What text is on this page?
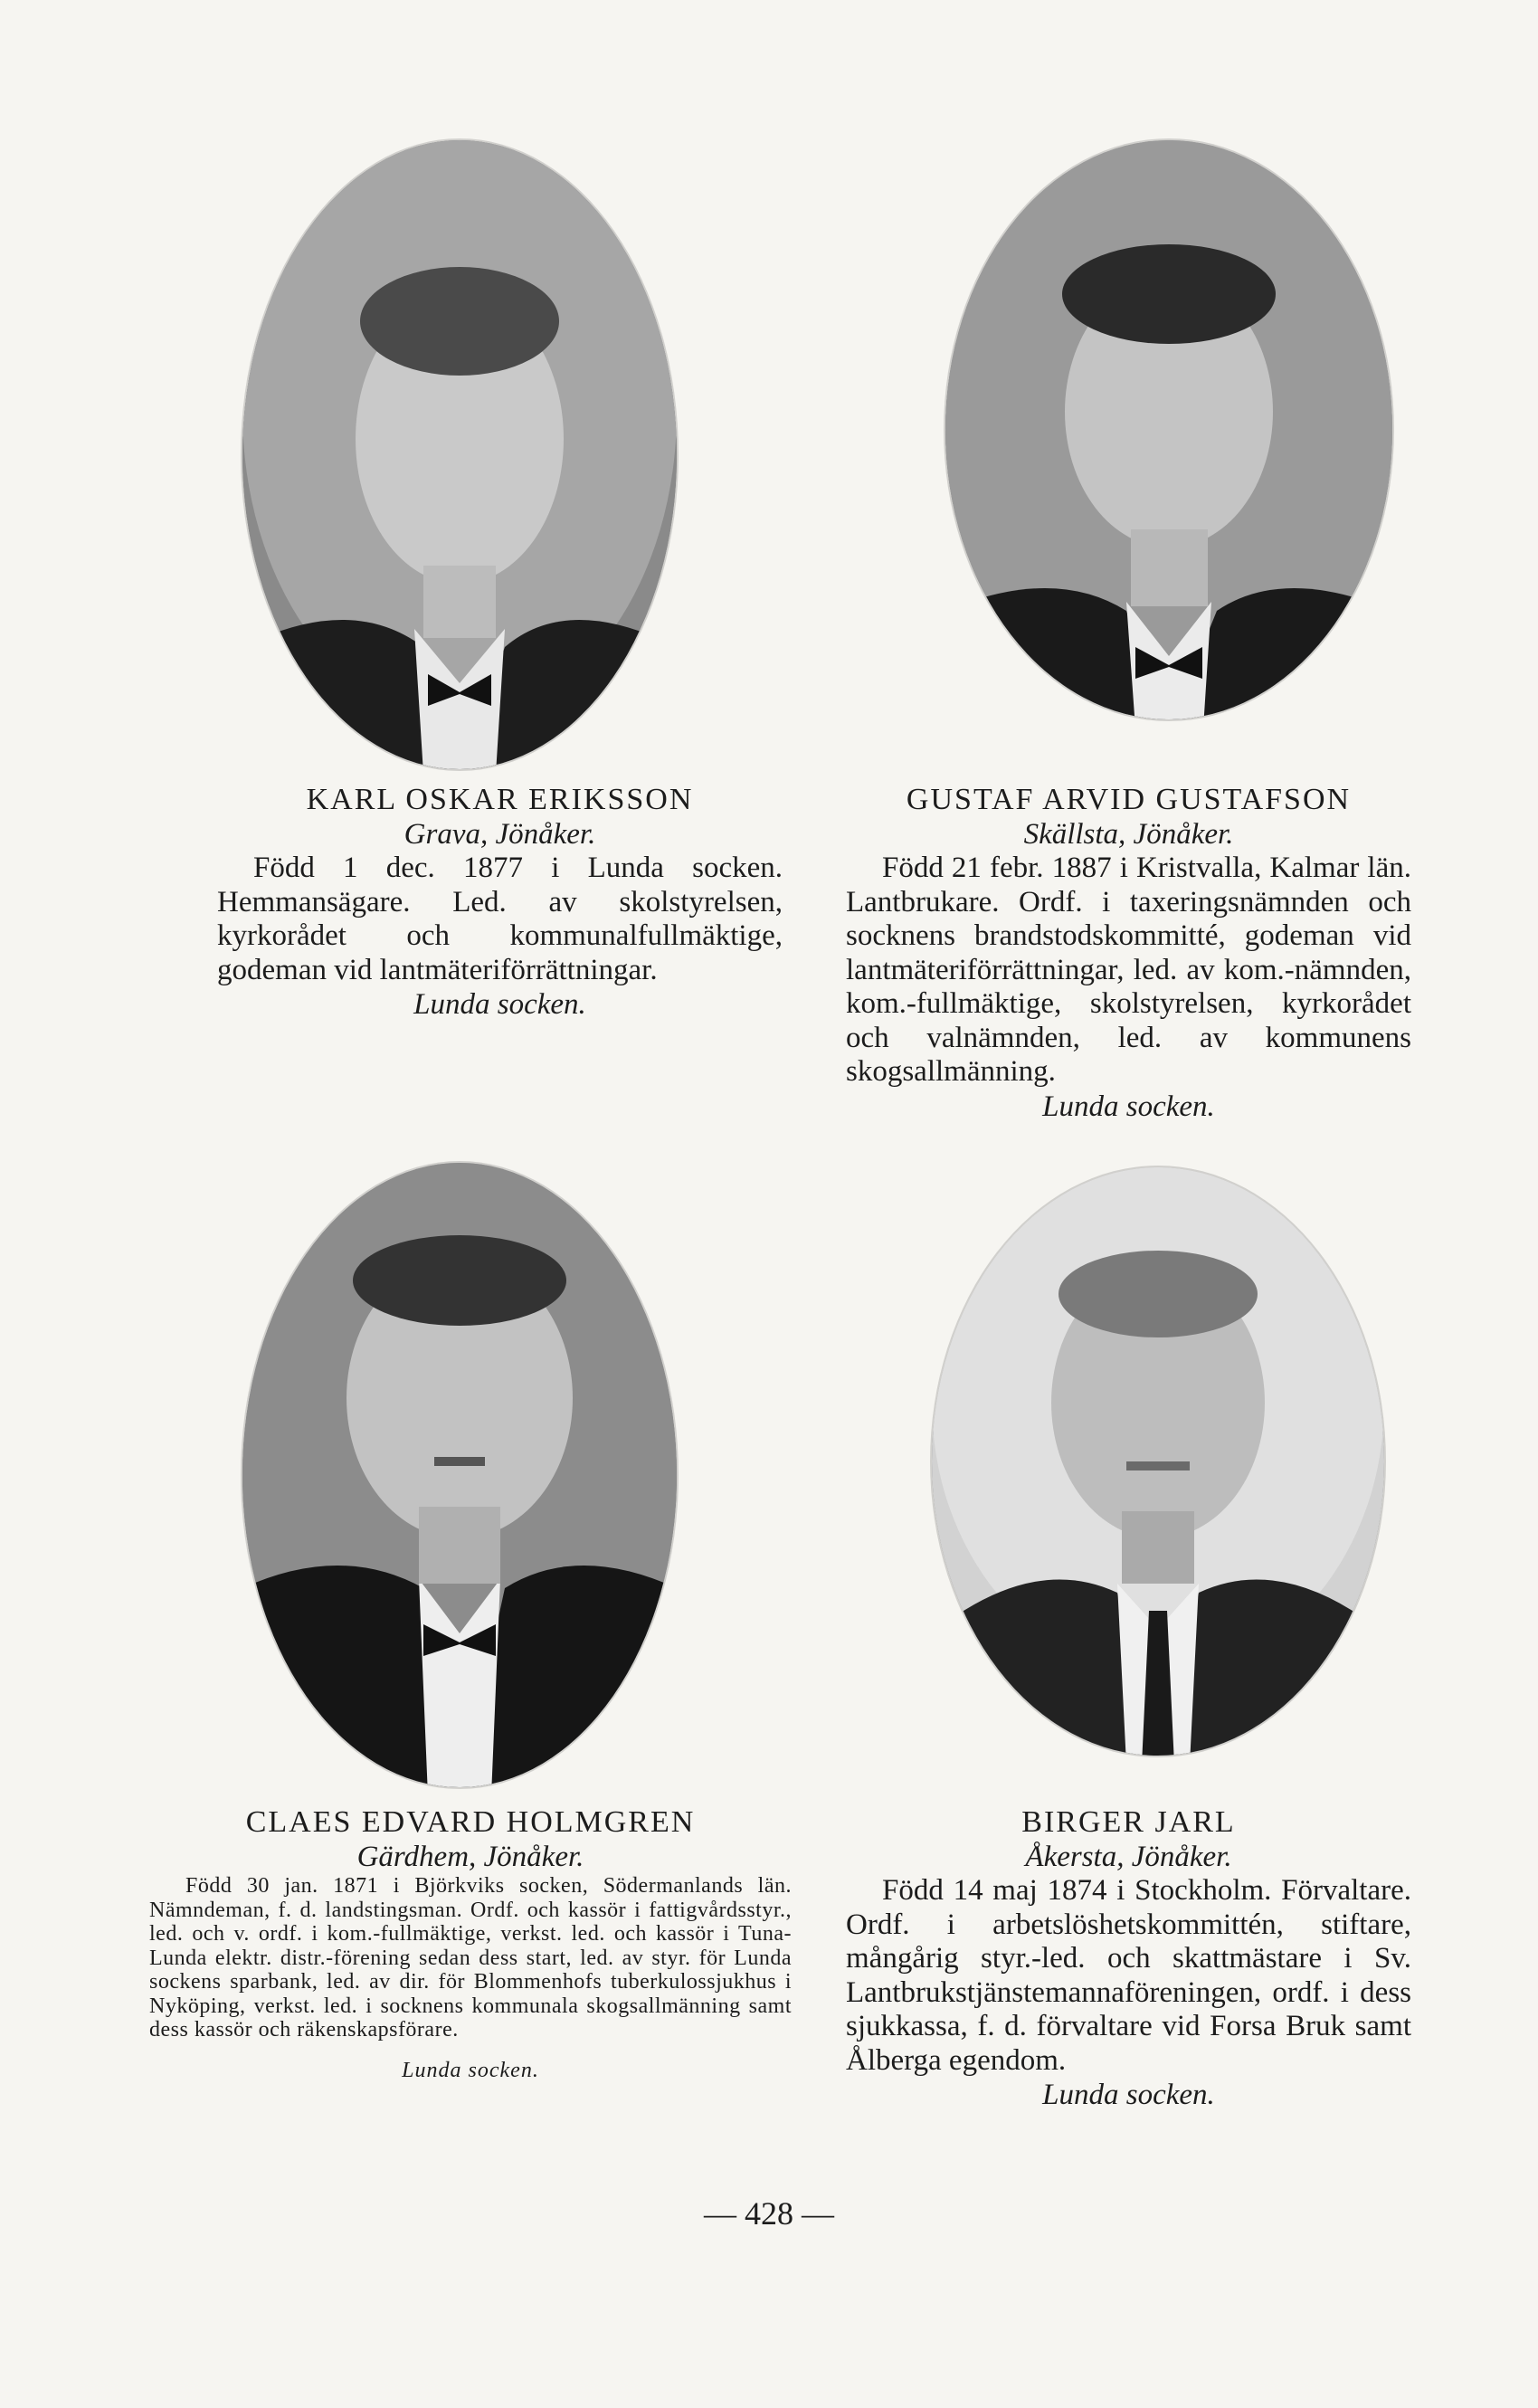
KARL OSKAR ERIKSSON
Grava, Jönåker.

Född 1 dec. 1877 i Lunda socken. Hemmansägare. Led. av skolstyrelsen, kyrkorådet och kommunalfullmäktige, godeman vid lantmäteriförrättningar.

Lunda socken.
GUSTAF ARVID GUSTAFSON
Skällsta, Jönåker.

Född 21 febr. 1887 i Kristvalla, Kalmar län. Lantbrukare. Ordf. i taxeringsnämnden och socknens brandstodskommitté, godeman vid lantmäteriförrättningar, led. av kom.-nämnden, kom.-fullmäktige, skolstyrelsen, kyrkorådet och valnämnden, led. av kommunens skogsallmänning.

Lunda socken.
CLAES EDVARD HOLMGREN
Gärdhem, Jönåker.

Född 30 jan. 1871 i Björkviks socken, Södermanlands län. Nämndeman, f. d. landstingsman. Ordf. och kassör i fattigvårdsstyr., led. och v. ordf. i kom.-fullmäktige, verkst. led. och kassör i Tuna-Lunda elektr. distr.-förening sedan dess start, led. av styr. för Lunda sockens sparbank, led. av dir. för Blommenhofs tuberkulossjukhus i Nyköping, verkst. led. i socknens kommunala skogsallmänning samt dess kassör och räkenskapsförare.

Lunda socken.
BIRGER JARL
Åkersta, Jönåker.

Född 14 maj 1874 i Stockholm. Förvaltare. Ordf. i arbetslöshetskommittén, stiftare, mångårig styr.-led. och skattmästare i Sv. Lantbrukstjänstemannaföreningen, ordf. i dess sjukkassa, f. d. förvaltare vid Forsa Bruk samt Ålberga egendom.

Lunda socken.
— 428 —
